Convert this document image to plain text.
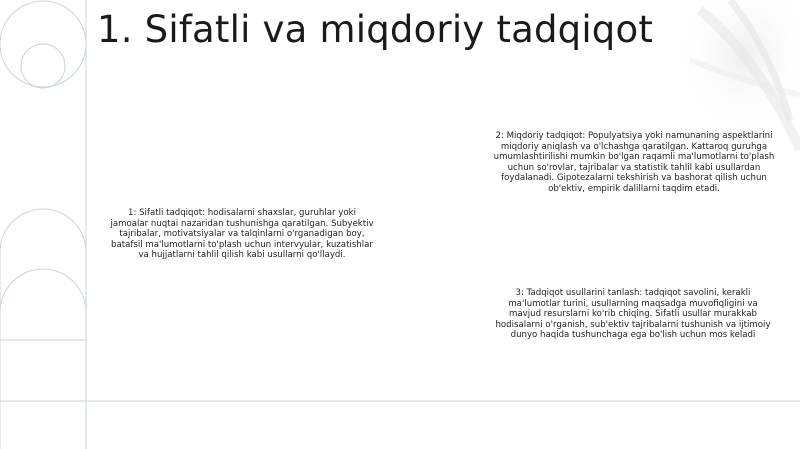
1. Sifatli va miqdoriy tadqiqot
1: Sifatli tadqiqot: hodisalarni shaxslar, guruhlar yoki jamoalar nuqtai nazaridan tushunishga qaratilgan. Subyektiv tajribalar, motivatsiyalar va talqinlarni o'rganadigan boy, batafsil ma'lumotlarni to'plash uchun intervyular, kuzatishlar va hujjatlarni tahlil qilish kabi usullarni qo'llaydi.
2: Miqdoriy tadqiqot: Populyatsiya yoki namunaning aspektlarini miqdoriy aniqlash va o'lchashga qaratilgan. Kattaroq guruhga umumlashtirilishi mumkin bo'lgan raqamli ma'lumotlarni to'plash uchun so'rovlar, tajribalar va statistik tahlil kabi usullardan foydalanadi. Gipotezalarni tekshirish va bashorat qilish uchun ob'ektiv, empirik dalillarni taqdim etadi.
3: Tadqiqot usullarini tanlash: tadqiqot savolini, kerakli ma'lumotlar turini, usullarning maqsadga muvofiqligini va mavjud resurslarni ko'rib chiqing. Sifatli usullar murakkab hodisalarni o'rganish, sub'ektiv tajribalarni tushunish va ijtimoiy dunyo haqida tushunchaga ega bo'lish uchun mos keladi
